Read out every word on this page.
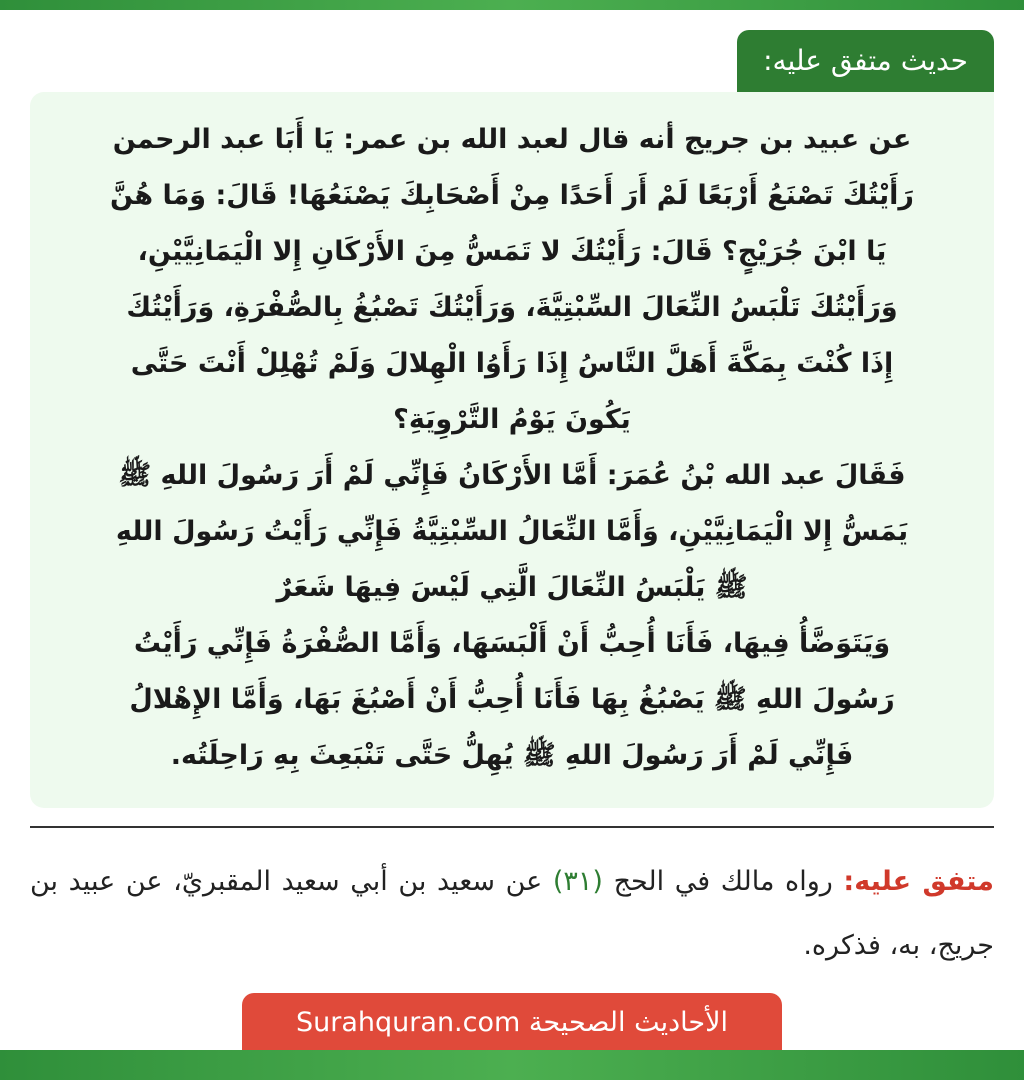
حديث متفق عليه:
عن عبيد بن جريج أنه قال لعبد الله بن عمر: يَا أَبَا عبد الرحمن
رَأَيْتُكَ تَصْنَعُ أَرْبَعًا لَمْ أَرَ أَحَدًا مِنْ أَصْحَابِكَ يَصْنَعُهَا! قَالَ: وَمَا هُنَّ
يَا ابْنَ جُرَيْجٍ؟ قَالَ: رَأَيْتُكَ لا تَمَسُّ مِنَ الأَرْكَانِ إِلا الْيَمَانِيَّيْنِ،
وَرَأَيْتُكَ تَلْبَسُ النِّعَالَ السِّبْتِيَّةَ، وَرَأَيْتُكَ تَصْبُغُ بِالصُّفْرَةِ، وَرَأَيْتُكَ
إِذَا كُنْتَ بِمَكَّةَ أَهَلَّ النَّاسُ إِذَا رَأَوُا الْهِلالَ وَلَمْ تُهْلِلْ أَنْتَ حَتَّى
يَكُونَ يَوْمُ التَّرْوِيَةِ؟
فَقَالَ عبد الله بْنُ عُمَرَ: أَمَّا الأَرْكَانُ فَإِنِّي لَمْ أَرَ رَسُولَ اللهِ ﷺ
يَمَسُّ إِلا الْيَمَانِيَّيْنِ، وَأَمَّا النِّعَالُ السِّبْتِيَّةُ فَإِنِّي رَأَيْتُ رَسُولَ اللهِ
ﷺ يَلْبَسُ النِّعَالَ الَّتِي لَيْسَ فِيهَا شَعَرٌ
وَيَتَوَضَّأُ فِيهَا، فَأَنَا أُحِبُّ أَنْ أَلْبَسَهَا، وَأَمَّا الصُّفْرَةُ فَإِنِّي رَأَيْتُ
رَسُولَ اللهِ ﷺ يَصْبُغُ بِهَا فَأَنَا أُحِبُّ أَنْ أَصْبُغَ بَهَا، وَأَمَّا الإِهْلالُ
فَإِنِّي لَمْ أَرَ رَسُولَ اللهِ ﷺ يُهِلُّ حَتَّى تَنْبَعِثَ بِهِ رَاحِلَتُه.
متفق عليه: رواه مالك في الحج (٣١) عن سعيد بن أبي سعيد المقبريّ، عن عبيد بن جريج، به، فذكره.
الأحاديث الصحيحة Surahquran.com
